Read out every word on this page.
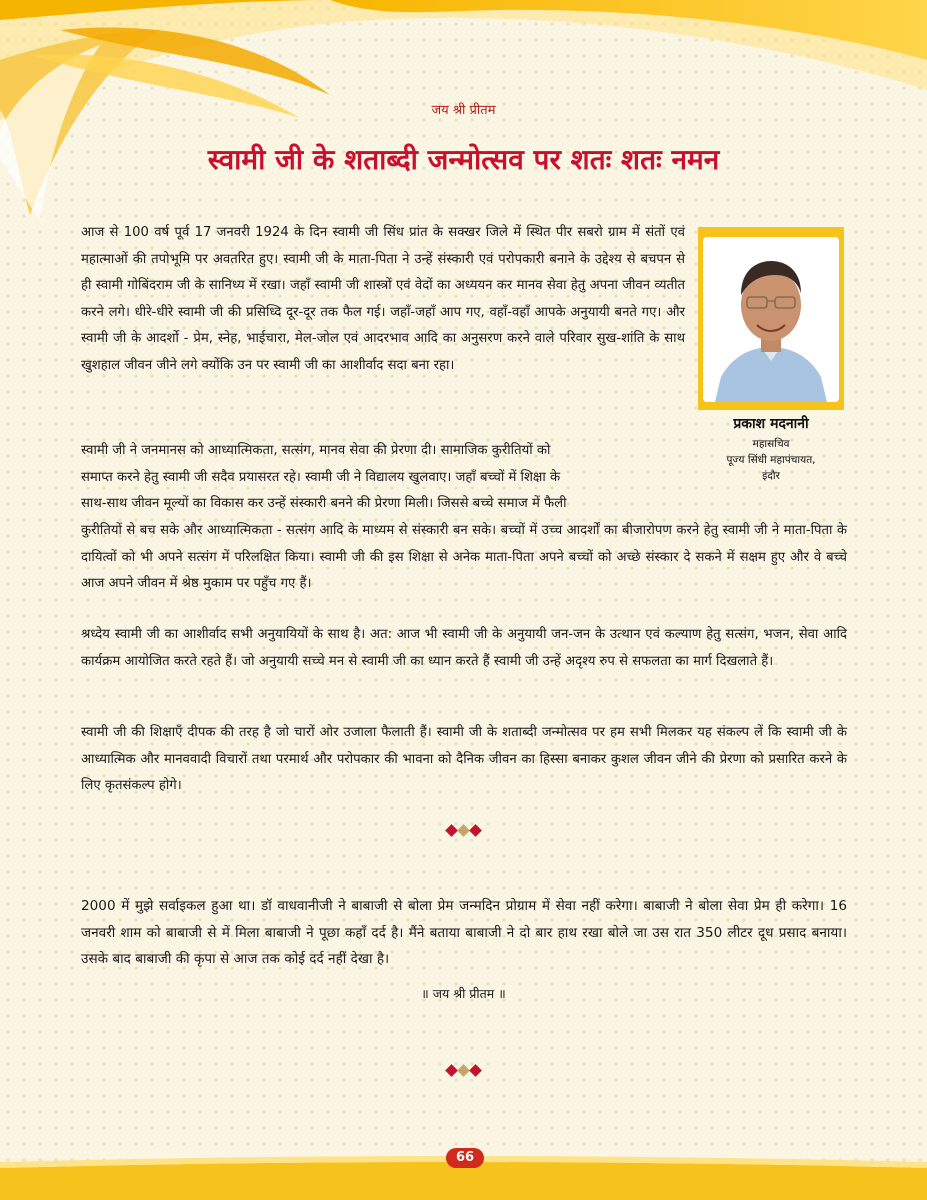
जय श्री प्रीतम
स्वामी जी के शताब्दी जन्मोत्सव पर शतः शतः नमन

आज से 100 वर्ष पूर्व 17 जनवरी 1924 के दिन स्वामी जी सिंध प्रांत के सक्खर जिले में स्थित पीर सबरो ग्राम में संतों एवं महात्माओं की तपोभूमि पर अवतरित हुए। स्वामी जी के माता-पिता ने उन्हें संस्कारी एवं परोपकारी बनाने के उद्देश्य से बचपन से ही स्वामी गोबिंदराम जी के सानिध्य में रखा। जहाँ स्वामी जी शास्त्रों एवं वेदों का अध्ययन कर मानव सेवा हेतु अपना जीवन व्यतीत करने लगे। धीरे-धीरे स्वामी जी की प्रसिध्दि दूर-दूर तक फैल गई। जहाँ-जहाँ आप गए, वहाँ-वहाँ आपके अनुयायी बनते गए। और स्वामी जी के आदर्शो - प्रेम, स्नेह, भाईचारा, मेल-जोल एवं आदरभाव आदि का अनुसरण करने वाले परिवार सुख-शांति के साथ खुशहाल जीवन जीने लगे क्योंकि उन पर स्वामी जी का आशीर्वाद सदा बना रहा।

स्वामी जी ने जनमानस को आध्यात्मिकता, सत्संग, मानव सेवा की प्रेरणा दी। सामाजिक कुरीतियों को
समाप्त करने हेतु स्वामी जी सदैव प्रयासरत रहे। स्वामी जी ने विद्यालय खुलवाए। जहाँ बच्चों में शिक्षा के
साथ-साथ जीवन मूल्यों का विकास कर उन्हें संस्कारी बनने की प्रेरणा मिली। जिससे बच्चे समाज में फैली

कुरीतियों से बच सके और आध्यात्मिकता - सत्संग आदि के माध्यम से संस्कारी बन सके। बच्चों में उच्च आदर्शों का बीजारोपण करने हेतु स्वामी जी ने माता-पिता के दायित्वों को भी अपने सत्संग में परिलक्षित किया। स्वामी जी की इस शिक्षा से अनेक माता-पिता अपने बच्चों को अच्छे संस्कार दे सकने में सक्षम हुए और वे बच्चे आज अपने जीवन में श्रेष्ठ मुकाम पर पहुँच गए हैं।

श्रध्देय स्वामी जी का आशीर्वाद सभी अनुयायियों के साथ है। अत: आज भी स्वामी जी के अनुयायी जन-जन के उत्थान एवं कल्याण हेतु सत्संग, भजन, सेवा आदि कार्यक्रम आयोजित करते रहते हैं। जो अनुयायी सच्चे मन से स्वामी जी का ध्यान करते हैं स्वामी जी उन्हें अदृश्य रुप से सफलता का मार्ग दिखलाते हैं।

स्वामी जी की शिक्षाएँ दीपक की तरह है जो चारों ओर उजाला फैलाती हैं। स्वामी जी के शताब्दी जन्मोत्सव पर हम सभी मिलकर यह संकल्प लें कि स्वामी जी के आध्यात्मिक और मानववादी विचारों तथा परमार्थ और परोपकार की भावना को दैनिक जीवन का हिस्सा बनाकर कुशल जीवन जीने की प्रेरणा को प्रसारित करने के लिए कृतसंकल्प होगे।

प्रकाश मदनानी
महासचिव
पूज्य सिंधी महापंचायत,
इंदौर

2000 में मुझे सर्वाइकल हुआ था। डॉ वाधवानीजी ने बाबाजी से बोला प्रेम जन्मदिन प्रोग्राम में सेवा नहीं करेगा। बाबाजी ने बोला सेवा प्रेम ही करेगा। 16 जनवरी शाम को बाबाजी से में मिला बाबाजी ने पूछा कहाँ दर्द है। मैंने बताया बाबाजी ने दो बार हाथ रखा बोले जा उस रात 350 लीटर दूध प्रसाद बनाया। उसके बाद बाबाजी की कृपा से आज तक कोई दर्द नहीं देखा है।

॥ जय श्री प्रीतम ॥
66
